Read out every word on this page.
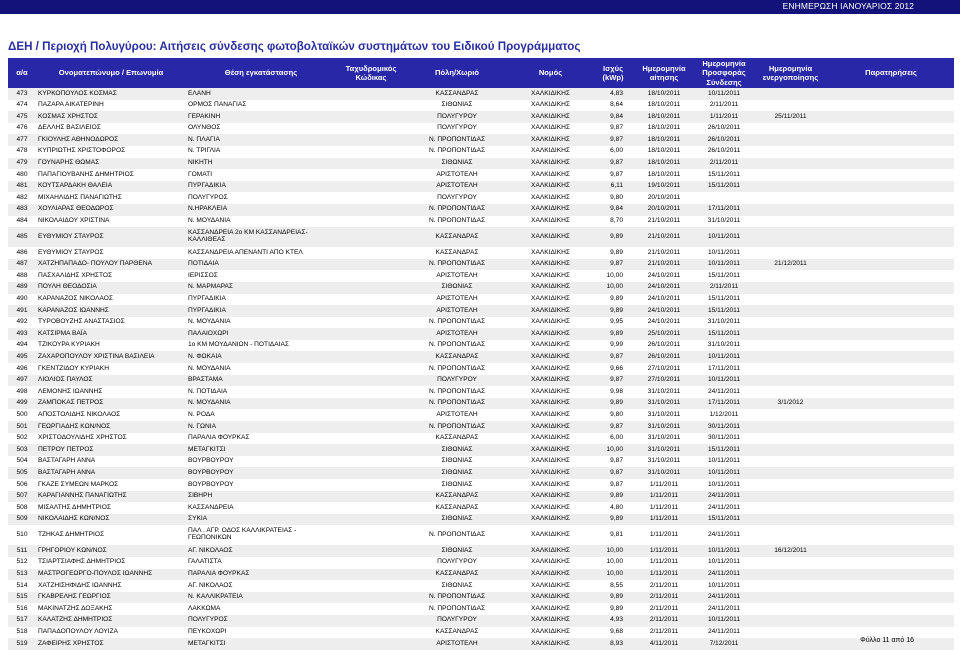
ΕΝΗΜΕΡΩΣΗ ΙΑΝΟΥΑΡΙΟΣ 2012
ΔΕΗ / Περιοχή Πολυγύρου: Αιτήσεις σύνδεσης φωτοβολταϊκών συστημάτων του Ειδικού Προγράμματος
α/α	Ονοματεπώνυμο / Επωνυμία	Θέση εγκατάστασης	Ταχυδρομικός Κώδικας	Πόλη/Χωριό	Νομός	Ισχύς (kWp)	Ημερομηνία αίτησης	Ημερομηνία Προσφοράς Σύνδεσης	Ημερομηνία ενεργοποίησης	Παρατηρήσεις
473	ΚΥΡΚΟΠΟΥΛΟΣ ΚΟΣΜΑΣ	ΕΛΑΝΗ		ΚΑΣΣΑΝΔΡΑΣ	ΧΑΛΚΙΔΙΚΗΣ	4,83	18/10/2011	10/11/2011		
474	ΠΑΖΑΡΑ ΑΙΚΑΤΕΡΙΝΗ	ΟΡΜΟΣ ΠΑΝΑΓΙΑΣ		ΣΙΘΩΝΙΑΣ	ΧΑΛΚΙΔΙΚΗΣ	8,64	18/10/2011	2/11/2011		
475	ΚΟΣΜΑΣ ΧΡΗΣΤΟΣ	ΓΕΡΑΚΙΝΗ		ΠΟΛΥΓΥΡΟΥ	ΧΑΛΚΙΔΙΚΗΣ	9,84	18/10/2011	1/11/2011	25/11/2011	
476	ΔΕΛΛΗΣ ΒΑΣΙΛΕΙΟΣ	ΟΛΥΝΘΟΣ		ΠΟΛΥΓΥΡΟΥ	ΧΑΛΚΙΔΙΚΗΣ	9,87	18/10/2011	26/10/2011		
477	ΓΚΙΟΥΛΗΣ ΑΘΗΝΟΔΩΡΟΣ	Ν. ΠΛΑΓΙΑ		Ν. ΠΡΟΠΟΝΤΙΔΑΣ	ΧΑΛΚΙΔΙΚΗΣ	9,87	18/10/2011	26/10/2011		
478	ΚΥΠΡΙΩΤΗΣ ΧΡΙΣΤΟΦΟΡΟΣ	Ν. ΤΡΙΓΛΙΑ		Ν. ΠΡΟΠΟΝΤΙΔΑΣ	ΧΑΛΚΙΔΙΚΗΣ	6,00	18/10/2011	26/10/2011		
479	ΓΟΥΝΑΡΗΣ ΘΩΜΑΣ	ΝΙΚΗΤΗ		ΣΙΘΩΝΙΑΣ	ΧΑΛΚΙΔΙΚΗΣ	9,87	18/10/2011	2/11/2011		
480	ΠΑΠΑΓΙΟΥΒΑΝΗΣ ΔΗΜΗΤΡΙΟΣ	ΓΟΜΑΤΙ		ΑΡΙΣΤΟΤΕΛΗ	ΧΑΛΚΙΔΙΚΗΣ	9,87	18/10/2011	15/11/2011		
481	ΚΟΥΤΣΑΡΔΑΚΗ ΘΑΛΕΙΑ	ΠΥΡΓΑΔΙΚΙΑ		ΑΡΙΣΤΟΤΕΛΗ	ΧΑΛΚΙΔΙΚΗΣ	6,11	19/10/2011	15/11/2011		
482	ΜΙΧΑΗΛΙΔΗΣ ΠΑΝΑΓΙΩΤΗΣ	ΠΟΛΥΓΥΡΟΣ		ΠΟΛΥΓΥΡΟΥ	ΧΑΛΚΙΔΙΚΗΣ	9,80	20/10/2011			
483	ΧΟΥΛΙΑΡΑΣ ΘΕΟΔΩΡΟΣ	Ν.ΗΡΑΚΛΕΙΑ		Ν. ΠΡΟΠΟΝΤΙΔΑΣ	ΧΑΛΚΙΔΙΚΗΣ	9,84	20/10/2011	17/11/2011		
484	ΝΙΚΟΛΑΙΔΟΥ ΧΡΙΣΤΙΝΑ	Ν. ΜΟΥΔΑΝΙΑ		Ν. ΠΡΟΠΟΝΤΙΔΑΣ	ΧΑΛΚΙΔΙΚΗΣ	8,70	21/10/2011	31/10/2011		
485	ΕΥΘΥΜΙΟΥ ΣΤΑΥΡΟΣ	ΚΑΣΣΑΝΔΡΕΙΑ 2ο ΚΜ ΚΑΣΣΑΝΔΡΕΙΑΣ-ΚΑΛΛΙΘΕΑΣ		ΚΑΣΣΑΝΔΡΑΣ	ΧΑΛΚΙΔΙΚΗΣ	9,89	21/10/2011	10/11/2011		
486	ΕΥΘΥΜΙΟΥ ΣΤΑΥΡΟΣ	ΚΑΣΣΑΝΔΡΕΙΑ ΑΠΕΝΑΝΤΙ ΑΠΟ ΚΤΕΛ		ΚΑΣΣΑΝΔΡΑΣ	ΧΑΛΚΙΔΙΚΗΣ	9,89	21/10/2011	10/11/2011		
487	ΧΑΤΖΗΠΑΠΑΔΟ- ΠΟΥΛΟΥ ΠΑΡΘΕΝΑ	ΠΟΤΙΔΑΙΑ		Ν. ΠΡΟΠΟΝΤΙΔΑΣ	ΧΑΛΚΙΔΙΚΗΣ	9,87	21/10/2011	10/11/2011	21/12/2011	
488	ΠΑΣΧΑΛΙΔΗΣ ΧΡΗΣΤΟΣ	ΙΕΡΙΣΣΟΣ		ΑΡΙΣΤΟΤΕΛΗ	ΧΑΛΚΙΔΙΚΗΣ	10,00	24/10/2011	15/11/2011		
489	ΠΟΥΛΗ ΘΕΟΔΟΣΙΑ	Ν. ΜΑΡΜΑΡΑΣ		ΣΙΘΩΝΙΑΣ	ΧΑΛΚΙΔΙΚΗΣ	10,00	24/10/2011	2/11/2011		
490	ΚΑΡΑΝΑΖΟΣ ΝΙΚΟΛΑΟΣ	ΠΥΡΓΑΔΙΚΙΑ		ΑΡΙΣΤΟΤΕΛΗ	ΧΑΛΚΙΔΙΚΗΣ	9,89	24/10/2011	15/11/2011		
491	ΚΑΡΑΝΑΖΟΣ ΙΩΑΝΝΗΣ	ΠΥΡΓΑΔΙΚΙΑ		ΑΡΙΣΤΟΤΕΛΗ	ΧΑΛΚΙΔΙΚΗΣ	9,89	24/10/2011	15/11/2011		
492	ΤΥΡΟΒΟΥΖΗΣ ΑΝΑΣΤΑΣΙΟΣ	Ν. ΜΟΥΔΑΝΙΑ		Ν. ΠΡΟΠΟΝΤΙΔΑΣ	ΧΑΛΚΙΔΙΚΗΣ	9,95	24/10/2011	31/10/2011		
493	ΚΑΤΣΙΡΜΑ ΒΑΪΑ	ΠΑΛΑΙΟΧΩΡΙ		ΑΡΙΣΤΟΤΕΛΗ	ΧΑΛΚΙΔΙΚΗΣ	9,89	25/10/2011	15/11/2011		
494	ΤΖΙΚΟΥΡΑ ΚΥΡΙΑΚΗ	1ο ΚΜ ΜΟΥΔΑΝΙΩΝ - ΠΟΤΙΔΑΙΑΣ		Ν. ΠΡΟΠΟΝΤΙΔΑΣ	ΧΑΛΚΙΔΙΚΗΣ	9,99	26/10/2011	31/10/2011		
495	ΖΑΧΑΡΟΠΟΥΛΟΥ ΧΡΙΣΤΙΝΑ ΒΑΣΙΛΕΙΑ	Ν. ΦΩΚΑΙΑ		ΚΑΣΣΑΝΔΡΑΣ	ΧΑΛΚΙΔΙΚΗΣ	9,87	26/10/2011	10/11/2011		
496	ΓΚΕΝΤΖΙΔΟΥ ΚΥΡΙΑΚΗ	Ν. ΜΟΥΔΑΝΙΑ		Ν. ΠΡΟΠΟΝΤΙΔΑΣ	ΧΑΛΚΙΔΙΚΗΣ	9,66	27/10/2011	17/11/2011		
497	ΛΙΟΛΙΟΣ ΠΑΥΛΟΣ	ΒΡΑΣΤΑΜΑ		ΠΟΛΥΓΥΡΟΥ	ΧΑΛΚΙΔΙΚΗΣ	9,87	27/10/2011	10/11/2011		
498	ΛΕΜΟΝΗΣ ΙΩΑΝΝΗΣ	Ν. ΠΟΤΙΔΑΙΑ		Ν. ΠΡΟΠΟΝΤΙΔΑΣ	ΧΑΛΚΙΔΙΚΗΣ	9,98	31/10/2011	24/11/2011		
499	ΖΑΜΠΟΚΑΣ ΠΕΤΡΟΣ	Ν. ΜΟΥΔΑΝΙΑ		Ν. ΠΡΟΠΟΝΤΙΔΑΣ	ΧΑΛΚΙΔΙΚΗΣ	9,89	31/10/2011	17/11/2011	3/1/2012	
500	ΑΠΟΣΤΟΛΙΔΗΣ ΝΙΚΟΛΑΟΣ	Ν. ΡΟΔΑ		ΑΡΙΣΤΟΤΕΛΗ	ΧΑΛΚΙΔΙΚΗΣ	9,80	31/10/2011	1/12/2011		
501	ΓΕΩΡΓΙΑΔΗΣ ΚΩΝ/ΝΟΣ	Ν. ΓΩΝΙΑ		Ν. ΠΡΟΠΟΝΤΙΔΑΣ	ΧΑΛΚΙΔΙΚΗΣ	9,87	31/10/2011	30/11/2011		
502	ΧΡΙΣΤΟΔΟΥΛΙΔΗΣ ΧΡΗΣΤΟΣ	ΠΑΡΑΛΙΑ ΦΟΥΡΚΑΣ		ΚΑΣΣΑΝΔΡΑΣ	ΧΑΛΚΙΔΙΚΗΣ	6,00	31/10/2011	30/11/2011		
503	ΠΕΤΡΟΥ ΠΕΤΡΟΣ	ΜΕΤΑΓΚΙΤΣΙ		ΣΙΘΩΝΙΑΣ	ΧΑΛΚΙΔΙΚΗΣ	10,00	31/10/2011	15/11/2011		
504	ΒΑΣΤΑΓΑΡΗ ΑΝΝΑ	ΒΟΥΡΒΟΥΡΟΥ		ΣΙΘΩΝΙΑΣ	ΧΑΛΚΙΔΙΚΗΣ	9,87	31/10/2011	10/11/2011		
505	ΒΑΣΤΑΓΑΡΗ ΑΝΝΑ	ΒΟΥΡΒΟΥΡΟΥ		ΣΙΘΩΝΙΑΣ	ΧΑΛΚΙΔΙΚΗΣ	9,87	31/10/2011	10/11/2011		
506	ΓΚΑΖΕ ΣΥΜΕΩΝ ΜΑΡΚΟΣ	ΒΟΥΡΒΟΥΡΟΥ		ΣΙΘΩΝΙΑΣ	ΧΑΛΚΙΔΙΚΗΣ	9,87	1/11/2011	10/11/2011		
507	ΚΑΡΑΓΙΑΝΝΗΣ ΠΑΝΑΓΙΩΤΗΣ	ΣΙΒΗΡΗ		ΚΑΣΣΑΝΔΡΑΣ	ΧΑΛΚΙΔΙΚΗΣ	9,89	1/11/2011	24/11/2011		
508	ΜΙΣΑΛΤΗΣ ΔΗΜΗΤΡΙΟΣ	ΚΑΣΣΑΝΔΡΕΙΑ		ΚΑΣΣΑΝΔΡΑΣ	ΧΑΛΚΙΔΙΚΗΣ	4,80	1/11/2011	24/11/2011		
509	ΝΙΚΟΛΑΙΔΗΣ ΚΩΝ/ΝΟΣ	ΣΥΚΙΑ		ΣΙΘΩΝΙΑΣ	ΧΑΛΚΙΔΙΚΗΣ	9,89	1/11/2011	15/11/2011		
510	ΤΖΗΚΑΣ ΔΗΜΗΤΡΙΟΣ	ΠΑΛ . ΑΓΡ. ΟΔΟΣ ΚΑΛΛΙΚΡΑΤΕΙΑΣ - ΓΕΩΠΟΝΙΚΩΝ		Ν. ΠΡΟΠΟΝΤΙΔΑΣ	ΧΑΛΚΙΔΙΚΗΣ	9,81	1/11/2011	24/11/2011		
511	ΓΡΗΓΟΡΙΟΥ ΚΩΝ/ΝΟΣ	ΑΓ. ΝΙΚΟΛΑΟΣ		ΣΙΘΩΝΙΑΣ	ΧΑΛΚΙΔΙΚΗΣ	10,00	1/11/2011	10/11/2011	16/12/2011	
512	ΤΣΙΑΡΤΣΙΑΦΗΣ ΔΗΜΗΤΡΙΟΣ	ΓΑΛΑΤΙΣΤΑ		ΠΟΛΥΓΥΡΟΥ	ΧΑΛΚΙΔΙΚΗΣ	10,00	1/11/2011	10/11/2011		
513	ΜΑΣΤΡΟΓΕΩΡΓΟ-ΠΟΥΛΟΣ ΙΩΑΝΝΗΣ	ΠΑΡΑΛΙΑ ΦΟΥΡΚΑΣ		ΚΑΣΣΑΝΔΡΑΣ	ΧΑΛΚΙΔΙΚΗΣ	10,00	1/11/2011	24/11/2011		
514	ΧΑΤΖΗΙΣΗΦΙΔΗΣ ΙΩΑΝΝΗΣ	ΑΓ. ΝΙΚΟΛΑΟΣ		ΣΙΘΩΝΙΑΣ	ΧΑΛΚΙΔΙΚΗΣ	8,55	2/11/2011	10/11/2011		
515	ΓΚΑΒΡΕΛΗΣ ΓΕΩΡΓΙΟΣ	Ν. ΚΑΛΛΙΚΡΑΤΕΙΑ		Ν. ΠΡΟΠΟΝΤΙΔΑΣ	ΧΑΛΚΙΔΙΚΗΣ	9,89	2/11/2011	24/11/2011		
516	ΜΑΚΙΝΑΤΖΗΣ ΔΟΞΑΚΗΣ	ΛΑΚΚΩΜΑ		Ν. ΠΡΟΠΟΝΤΙΔΑΣ	ΧΑΛΚΙΔΙΚΗΣ	9,89	2/11/2011	24/11/2011		
517	ΚΑΛΑΤΖΗΣ ΔΗΜΗΤΡΙΟΣ	ΠΟΛΥΓΥΡΟΣ		ΠΟΛΥΓΥΡΟΥ	ΧΑΛΚΙΔΙΚΗΣ	4,93	2/11/2011	10/11/2011		
518	ΠΑΠΑΔΟΠΟΥΛΟΥ ΛΟΥΙΖΑ	ΠΕΥΚΟΧΩΡΙ		ΚΑΣΣΑΝΔΡΑΣ	ΧΑΛΚΙΔΙΚΗΣ	9,68	2/11/2011	24/11/2011		
519	ΖΑΦΕΙΡΗΣ ΧΡΗΣΤΟΣ	ΜΕΤΑΓΚΙΤΣΙ		ΑΡΙΣΤΟΤΕΛΗ	ΧΑΛΚΙΔΙΚΗΣ	8,93	4/11/2011	7/12/2011			Φύλλο 11 από 16
